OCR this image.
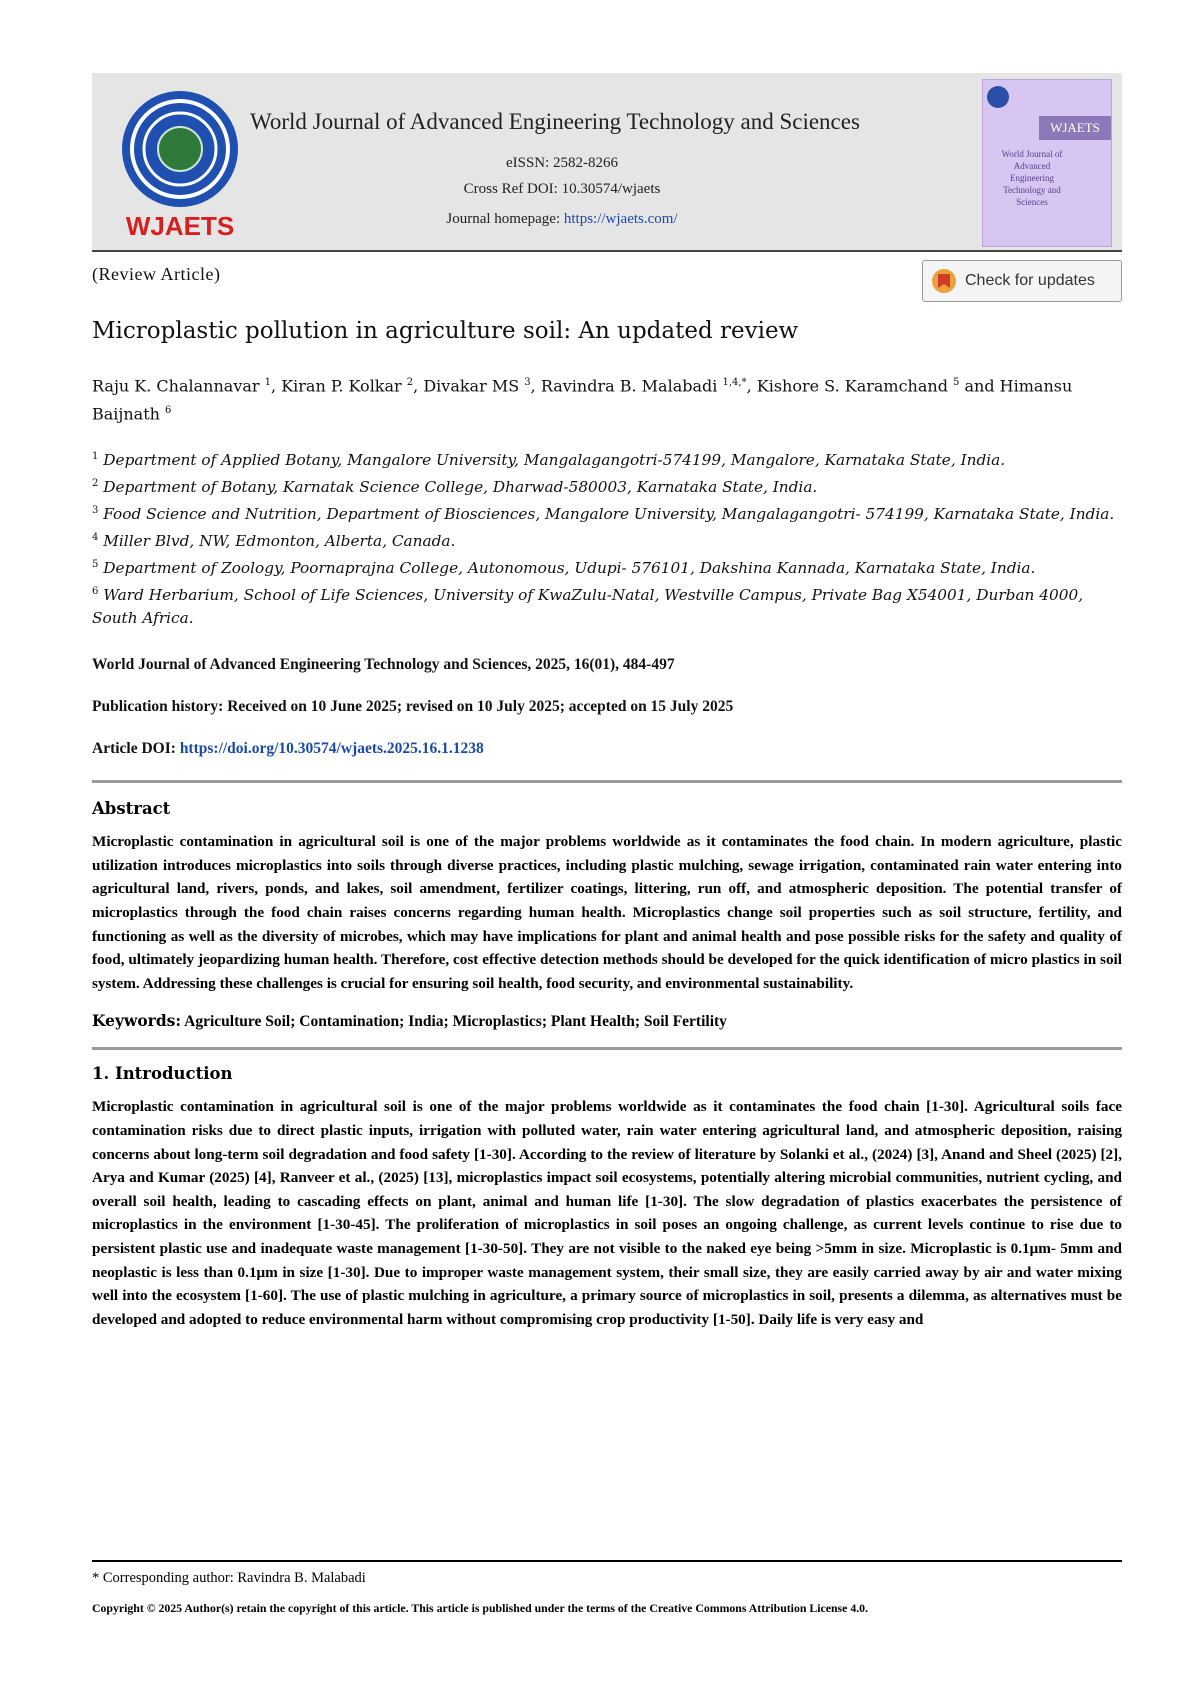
WJAETS
World Journal of Advanced Engineering Technology and Sciences
eISSN: 2582-8266
Cross Ref DOI: 10.30574/wjaets
Journal homepage: https://wjaets.com/
WJAETS
World Journal of Advanced Engineering Technology and Sciences
(Review Article)	Check for updates
Microplastic pollution in agriculture soil: An updated review
Raju K. Chalannavar $^1$, Kiran P. Kolkar $^2$, Divakar MS $^3$, Ravindra B. Malabadi $^{1,4,*}$, Kishore S. Karamchand $^5$ and Himansu Baijnath $^6$
$^1$ Department of Applied Botany, Mangalore University, Mangalagangotri-574199, Mangalore, Karnataka State, India.
$^2$ Department of Botany, Karnatak Science College, Dharwad-580003, Karnataka State, India.
$^3$ Food Science and Nutrition, Department of Biosciences, Mangalore University, Mangalagangotri- 574199, Karnataka State, India.
$^4$ Miller Blvd, NW, Edmonton, Alberta, Canada.
$^5$ Department of Zoology, Poornaprajna College, Autonomous, Udupi- 576101, Dakshina Kannada, Karnataka State, India.
$^6$ Ward Herbarium, School of Life Sciences, University of KwaZulu-Natal, Westville Campus, Private Bag X54001, Durban 4000, South Africa.
World Journal of Advanced Engineering Technology and Sciences, 2025, 16(01), 484-497
Publication history: Received on 10 June 2025; revised on 10 July 2025; accepted on 15 July 2025
Article DOI: https://doi.org/10.30574/wjaets.2025.16.1.1238
Abstract
Microplastic contamination in agricultural soil is one of the major problems worldwide as it contaminates the food chain. In modern agriculture, plastic utilization introduces microplastics into soils through diverse practices, including plastic mulching, sewage irrigation, contaminated rain water entering into agricultural land, rivers, ponds, and lakes, soil amendment, fertilizer coatings, littering, run off, and atmospheric deposition. The potential transfer of microplastics through the food chain raises concerns regarding human health. Microplastics change soil properties such as soil structure, fertility, and functioning as well as the diversity of microbes, which may have implications for plant and animal health and pose possible risks for the safety and quality of food, ultimately jeopardizing human health. Therefore, cost effective detection methods should be developed for the quick identification of micro plastics in soil system. Addressing these challenges is crucial for ensuring soil health, food security, and environmental sustainability.
Keywords: Agriculture Soil; Contamination; India; Microplastics; Plant Health; Soil Fertility
1. Introduction
Microplastic contamination in agricultural soil is one of the major problems worldwide as it contaminates the food chain [1-30]. Agricultural soils face contamination risks due to direct plastic inputs, irrigation with polluted water, rain water entering agricultural land, and atmospheric deposition, raising concerns about long-term soil degradation and food safety [1-30]. According to the review of literature by Solanki et al., (2024) [3], Anand and Sheel (2025) [2], Arya and Kumar (2025) [4], Ranveer et al., (2025) [13], microplastics impact soil ecosystems, potentially altering microbial communities, nutrient cycling, and overall soil health, leading to cascading effects on plant, animal and human life [1-30]. The slow degradation of plastics exacerbates the persistence of microplastics in the environment [1-30-45]. The proliferation of microplastics in soil poses an ongoing challenge, as current levels continue to rise due to persistent plastic use and inadequate waste management [1-30-50]. They are not visible to the naked eye being >5mm in size. Microplastic is 0.1μm- 5mm and neoplastic is less than 0.1μm in size [1-30]. Due to improper waste management system, their small size, they are easily carried away by air and water mixing well into the ecosystem [1-60]. The use of plastic mulching in agriculture, a primary source of microplastics in soil, presents a dilemma, as alternatives must be developed and adopted to reduce environmental harm without compromising crop productivity [1-50]. Daily life is very easy and
* Corresponding author: Ravindra B. Malabadi
Copyright © 2025 Author(s) retain the copyright of this article. This article is published under the terms of the Creative Commons Attribution License 4.0.
